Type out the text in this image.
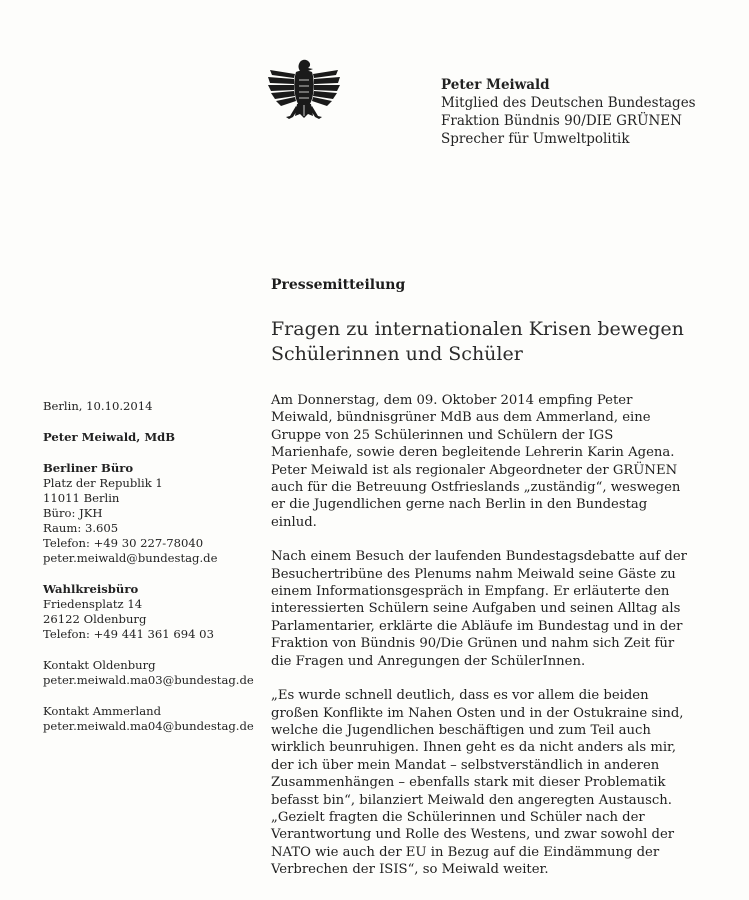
Peter Meiwald
Mitglied des Deutschen Bundestages
Fraktion Bündnis 90/DIE GRÜNEN
Sprecher für Umweltpolitik
Pressemitteilung
Fragen zu internationalen Krisen bewegen
Schülerinnen und Schüler
Berlin, 10.10.2014
Peter Meiwald, MdB
Berliner Büro
Platz der Republik 1
11011 Berlin
Büro: JKH
Raum: 3.605
Telefon: +49 30 227-78040
peter.meiwald@bundestag.de
Wahlkreisbüro
Friedensplatz 14
26122 Oldenburg
Telefon: +49 441 361 694 03
Kontakt Oldenburg
peter.meiwald.ma03@bundestag.de
Kontakt Ammerland
peter.meiwald.ma04@bundestag.de

Am Donnerstag, dem 09. Oktober 2014 empfing Peter
Meiwald, bündnisgrüner MdB aus dem Ammerland, eine
Gruppe von 25 Schülerinnen und Schülern der IGS
Marienhafe, sowie deren begleitende Lehrerin Karin Agena.
Peter Meiwald ist als regionaler Abgeordneter der GRÜNEN
auch für die Betreuung Ostfrieslands „zuständig“, weswegen
er die Jugendlichen gerne nach Berlin in den Bundestag
einlud.

Nach einem Besuch der laufenden Bundestagsdebatte auf der
Besuchertribüne des Plenums nahm Meiwald seine Gäste zu
einem Informationsgespräch in Empfang. Er erläuterte den
interessierten Schülern seine Aufgaben und seinen Alltag als
Parlamentarier, erklärte die Abläufe im Bundestag und in der
Fraktion von Bündnis 90/Die Grünen und nahm sich Zeit für
die Fragen und Anregungen der SchülerInnen.

„Es wurde schnell deutlich, dass es vor allem die beiden
großen Konflikte im Nahen Osten und in der Ostukraine sind,
welche die Jugendlichen beschäftigen und zum Teil auch
wirklich beunruhigen. Ihnen geht es da nicht anders als mir,
der ich über mein Mandat – selbstverständlich in anderen
Zusammenhängen – ebenfalls stark mit dieser Problematik
befasst bin“, bilanziert Meiwald den angeregten Austausch.
„Gezielt fragten die Schülerinnen und Schüler nach der
Verantwortung und Rolle des Westens, und zwar sowohl der
NATO wie auch der EU in Bezug auf die Eindämmung der
Verbrechen der ISIS“, so Meiwald weiter.
